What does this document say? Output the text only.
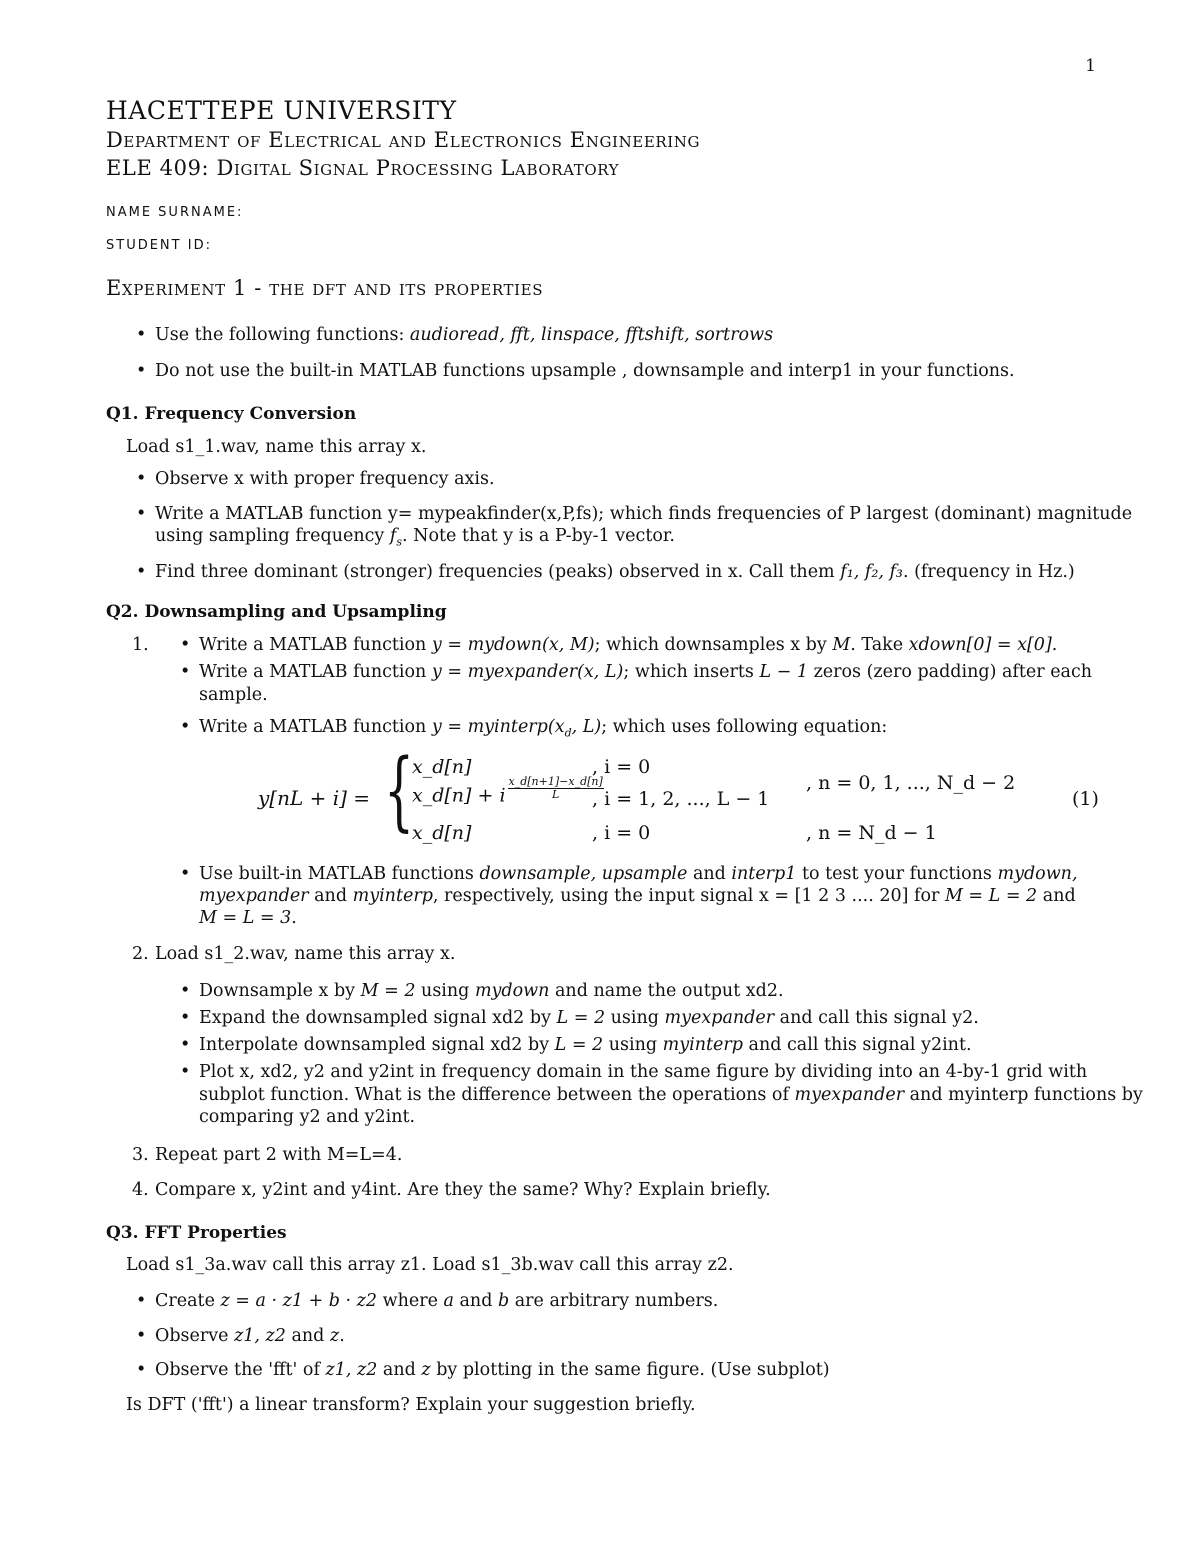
1
HACETTEPE UNIVERSITY
Department of Electrical and Electronics Engineering
ELE 409: Digital Signal Processing Laboratory
NAME SURNAME:
STUDENT ID:
Experiment 1 - the dft and its properties
• Use the following functions: audioread, fft, linspace, fftshift, sortrows
• Do not use the built-in MATLAB functions upsample , downsample and interp1 in your functions.
Q1. Frequency Conversion
Load s1_1.wav, name this array x.
• Observe x with proper frequency axis.
• Write a MATLAB function y= mypeakfinder(x,P,fs); which finds frequencies of P largest (dominant) magnitude
using sampling frequency $f_s$. Note that y is a P-by-1 vector.
• Find three dominant (stronger) frequencies (peaks) observed in x. Call them f₁, f₂, f₃. (frequency in Hz.)
Q2. Downsampling and Upsampling
1.
•	Write a MATLAB function y = mydown(x, M); which downsamples x by M. Take xdown[0] = x[0].
• Write a MATLAB function y = myexpander(x, L); which inserts L − 1 zeros (zero padding) after each
sample.
• Write a MATLAB function $y = myinterp(x_d$, L); which uses following equation:
y[nL + i] = {
x_d[n]
x_d[n] + i $\frac{x\_d[n+1]-x\_d[n]}{L}$
x_d[n]
, i = 0
, i = 1, 2, ..., L − 1
, i = 0
, n = 0, 1, ..., N_d − 2
, n = N_d − 1
(1)
• Use built-in MATLAB functions downsample, upsample and interp1 to test your functions mydown,
myexpander and myinterp, respectively, using the input signal x = [1 2 3 .... 20] for M = L = 2 and
M = L = 3.
2. Load s1_2.wav, name this array x.
• Downsample x by M = 2 using mydown and name the output xd2.
• Expand the downsampled signal xd2 by L = 2 using myexpander and call this signal y2.
• Interpolate downsampled signal xd2 by L = 2 using myinterp and call this signal y2int.
• Plot x, xd2, y2 and y2int in frequency domain in the same figure by dividing into an 4-by-1 grid with
subplot function. What is the difference between the operations of myexpander and myinterp functions by
comparing y2 and y2int.
3. Repeat part 2 with M=L=4.
4. Compare x, y2int and y4int. Are they the same? Why? Explain briefly.
Q3. FFT Properties
Load s1_3a.wav call this array z1. Load s1_3b.wav call this array z2.
• Create z = a · z1 + b · z2 where a and b are arbitrary numbers.
• Observe z1, z2 and z.
• Observe the 'fft' of z1, z2 and z by plotting in the same figure. (Use subplot)
Is DFT ('fft') a linear transform? Explain your suggestion briefly.
